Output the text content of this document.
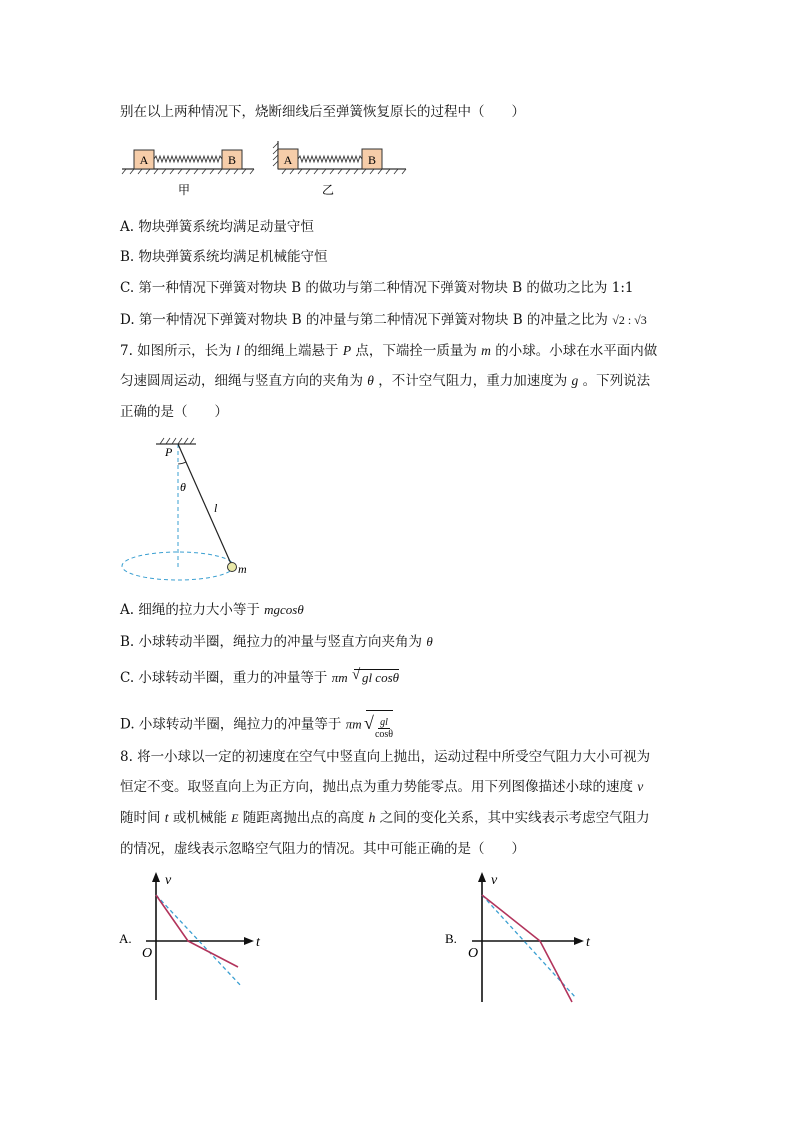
别在以上两种情况下，烧断细线后至弹簧恢复原长的过程中（　　）
A	B
甲
A	B
乙
A. 物块弹簧系统均满足动量守恒
B. 物块弹簧系统均满足机械能守恒
C. 第一种情况下弹簧对物块 B 的做功与第二种情况下弹簧对物块 B 的做功之比为 1:1
D. 第一种情况下弹簧对物块 B 的冲量与第二种情况下弹簧对物块 B 的冲量之比为 √2 : √3
7. 如图所示，长为 l 的细绳上端悬于 P 点，下端拴一质量为 m 的小球。小球在水平面内做
匀速圆周运动，细绳与竖直方向的夹角为 θ ，不计空气阻力，重力加速度为 g 。下列说法
正确的是（　　）
P
θ
l
m
A. 细绳的拉力大小等于 mgcosθ
B. 小球转动半圈，绳拉力的冲量与竖直方向夹角为 θ
C. 小球转动半圈，重力的冲量等于 πm √ gl cosθ
D. 小球转动半圈，绳拉力的冲量等于 πm √ $\frac{gl}{\cos\theta}$
8. 将一小球以一定的初速度在空气中竖直向上抛出，运动过程中所受空气阻力大小可视为
恒定不变。取竖直向上为正方向，抛出点为重力势能零点。用下列图像描述小球的速度 v
随时间 t 或机械能 E 随距离抛出点的高度 h 之间的变化关系，其中实线表示考虑空气阻力
的情况，虚线表示忽略空气阻力的情况。其中可能正确的是（　　）
A.
v
t
O
B.
v
t
O
